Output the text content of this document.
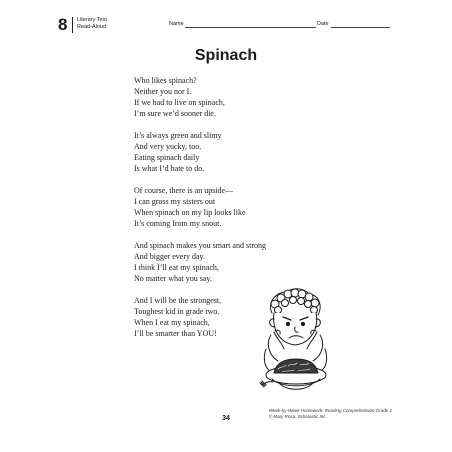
8 Literary Text
Read-Aloud	Name	Date
Spinach
Who likes spinach?
Neither you nor I.
If we had to live on spinach,
I’m sure we’d sooner die.
It’s always green and slimy
And very yucky, too.
Eating spinach daily
Is what I’d hate to do.
Of course, there is an upside—
I can gross my sisters out
When spinach on my lip looks like
It’s coming from my snout.
And spinach makes you smart and strong
And bigger every day.
I think I’ll eat my spinach,
No matter what you say.
And I will be the strongest,
Toughest kid in grade two.
When I eat my spinach,
I’ll be smarter than YOU!
Week-by-Week Homework: Reading Comprehension Grade 2
© Mary Rosa, Scholastic Inc.
34
